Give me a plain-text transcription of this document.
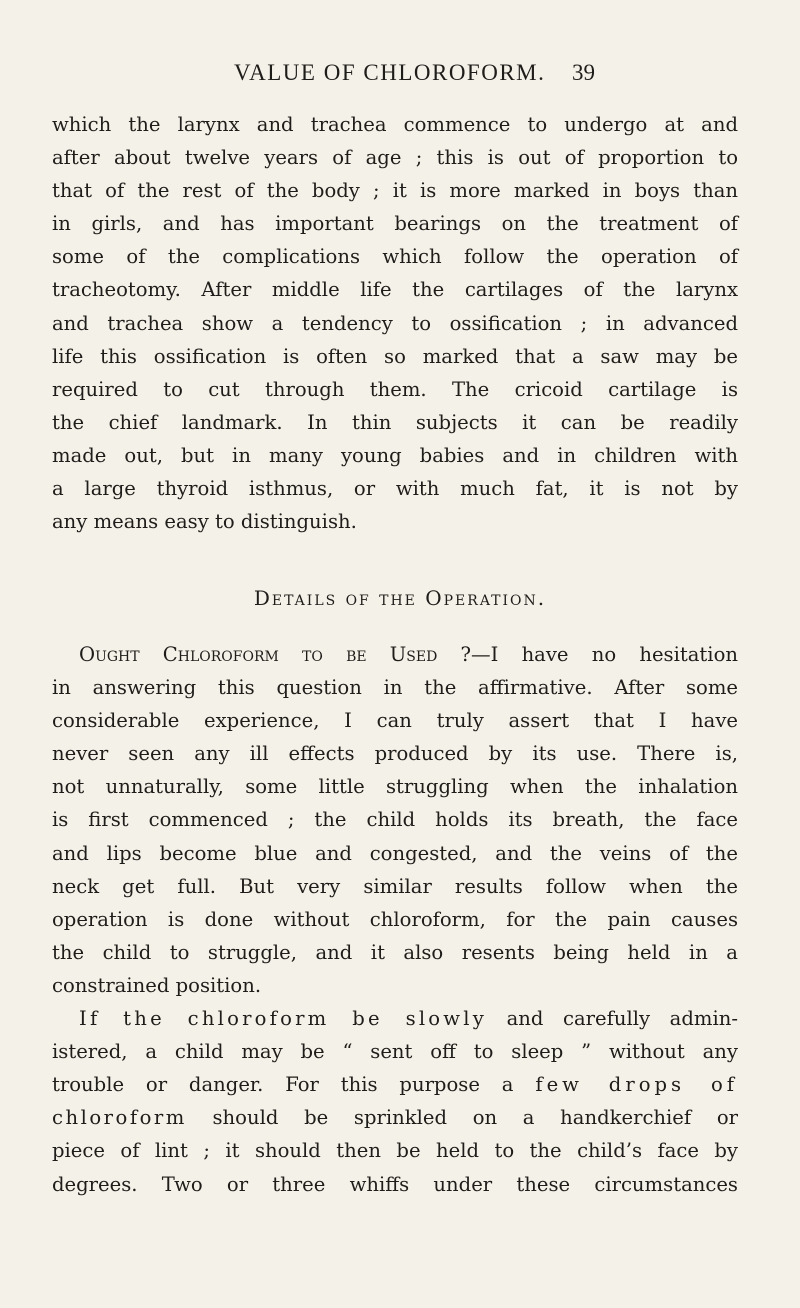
VALUE OF CHLOROFORM. 39
which the larynx and trachea commence to undergo at and
after about twelve years of age ; this is out of proportion to
that of the rest of the body ; it is more marked in boys than
in girls, and has important bearings on the treatment of
some of the complications which follow the operation of
tracheotomy. After middle life the cartilages of the larynx
and trachea show a tendency to ossification ; in advanced
life this ossification is often so marked that a saw may be
required to cut through them. The cricoid cartilage is
the chief landmark. In thin subjects it can be readily
made out, but in many young babies and in children with
a large thyroid isthmus, or with much fat, it is not by
any means easy to distinguish.
Details of the Operation.
Ought Chloroform to be Used ?—I have no hesitation
in answering this question in the affirmative. After some
considerable experience, I can truly assert that I have
never seen any ill effects produced by its use. There is,
not unnaturally, some little struggling when the inhalation
is first commenced ; the child holds its breath, the face
and lips become blue and congested, and the veins of the
neck get full. But very similar results follow when the
operation is done without chloroform, for the pain causes
the child to struggle, and it also resents being held in a
constrained position.
If the chloroform be slowly and carefully admin-
istered, a child may be “ sent off to sleep ” without any
trouble or danger. For this purpose a few drops of
chloroform should be sprinkled on a handkerchief or
piece of lint ; it should then be held to the child’s face by
degrees. Two or three whiffs under these circumstances
